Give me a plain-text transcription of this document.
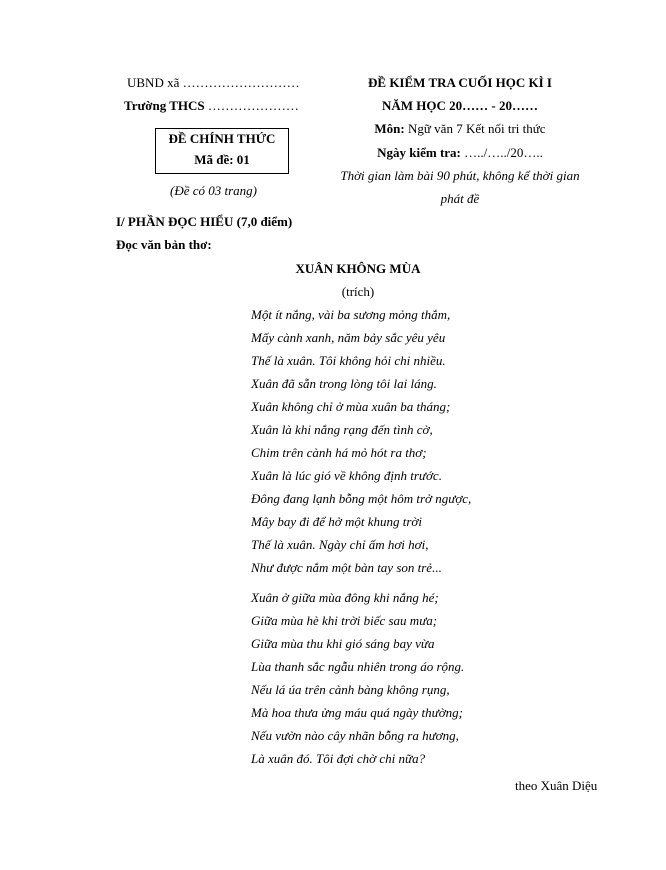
UBND xã ………………………
Trường THCS …………………
ĐỀ CHÍNH THỨC
Mã đề: 01
(Đề có 03 trang)
ĐỀ KIỂM TRA CUỐI HỌC KÌ I
NĂM HỌC 20…… - 20……
Môn: Ngữ văn 7 Kết nối tri thức
Ngày kiểm tra: …../…../20…..
Thời gian làm bài 90 phút, không kể thời gian
phát đề
I/ PHẦN ĐỌC HIỂU (7,0 điểm)
Đọc văn bản thơ:
XUÂN KHÔNG MÙA
(trích)
Một ít nắng, vài ba sương mỏng thắm,
Mấy cành xanh, năm bảy sắc yêu yêu
Thế là xuân. Tôi không hỏi chi nhiều.
Xuân đã sẵn trong lòng tôi lai láng.
Xuân không chỉ ở mùa xuân ba tháng;
Xuân là khi nắng rạng đến tình cờ,
Chim trên cành há mỏ hót ra thơ;
Xuân là lúc gió về không định trước.
Đông đang lạnh bỗng một hôm trở ngược,
Mây bay đi để hở một khung trời
Thế là xuân. Ngày chỉ ấm hơi hơi,
Như được nắm một bàn tay son trẻ...
Xuân ở giữa mùa đông khi nắng hé;
Giữa mùa hè khi trời biếc sau mưa;
Giữa mùa thu khi gió sáng bay vừa
Lùa thanh sắc ngẫu nhiên trong áo rộng.
Nếu lá úa trên cành bàng không rụng,
Mà hoa thưa ửng máu quá ngày thường;
Nếu vườn nào cây nhãn bỗng ra hương,
Là xuân đó. Tôi đợi chờ chi nữa?
theo Xuân Diệu
